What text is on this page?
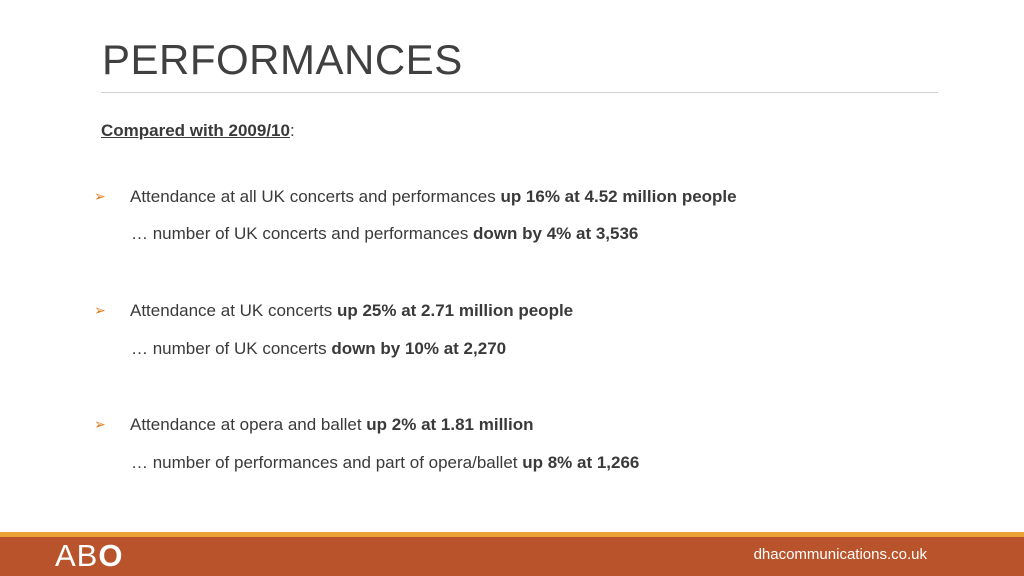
PERFORMANCES
Compared with 2009/10:
➢ Attendance at all UK concerts and performances up 16% at 4.52 million people
… number of UK concerts and performances down by 4% at 3,536
➢ Attendance at UK concerts up 25% at 2.71 million people
… number of UK concerts down by 10% at 2,270
➢ Attendance at opera and ballet up 2% at 1.81 million
… number of performances and part of opera/ballet up 8% at 1,266
ABO	dhacommunications.co.uk
